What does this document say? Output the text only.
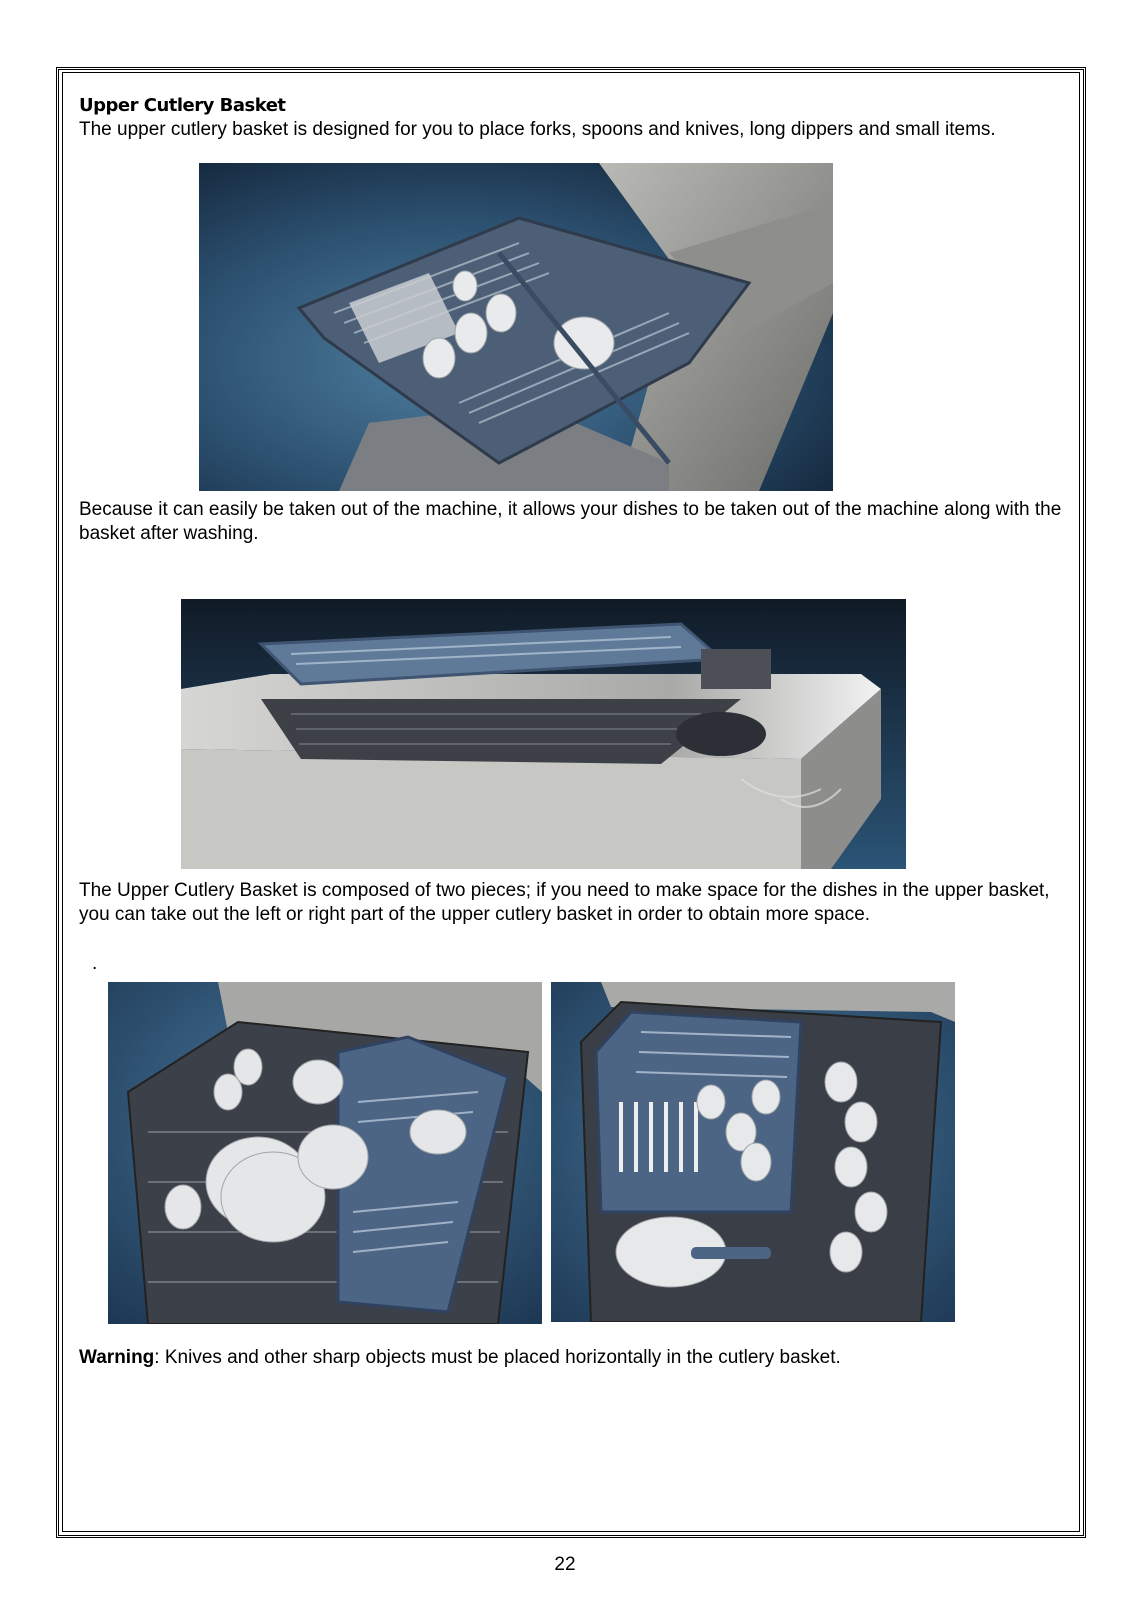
Upper Cutlery Basket
The upper cutlery basket is designed for you to place forks, spoons and knives, long dippers and small items.
Because it can easily be taken out of the machine, it allows your dishes to be taken out of the machine along with the basket after washing.
The Upper Cutlery Basket is composed of two pieces; if you need to make space for the dishes in the upper basket, you can take out the left or right part of the upper cutlery basket in order to obtain more space.
.
Warning: Knives and other sharp objects must be placed horizontally in the cutlery basket.
22
